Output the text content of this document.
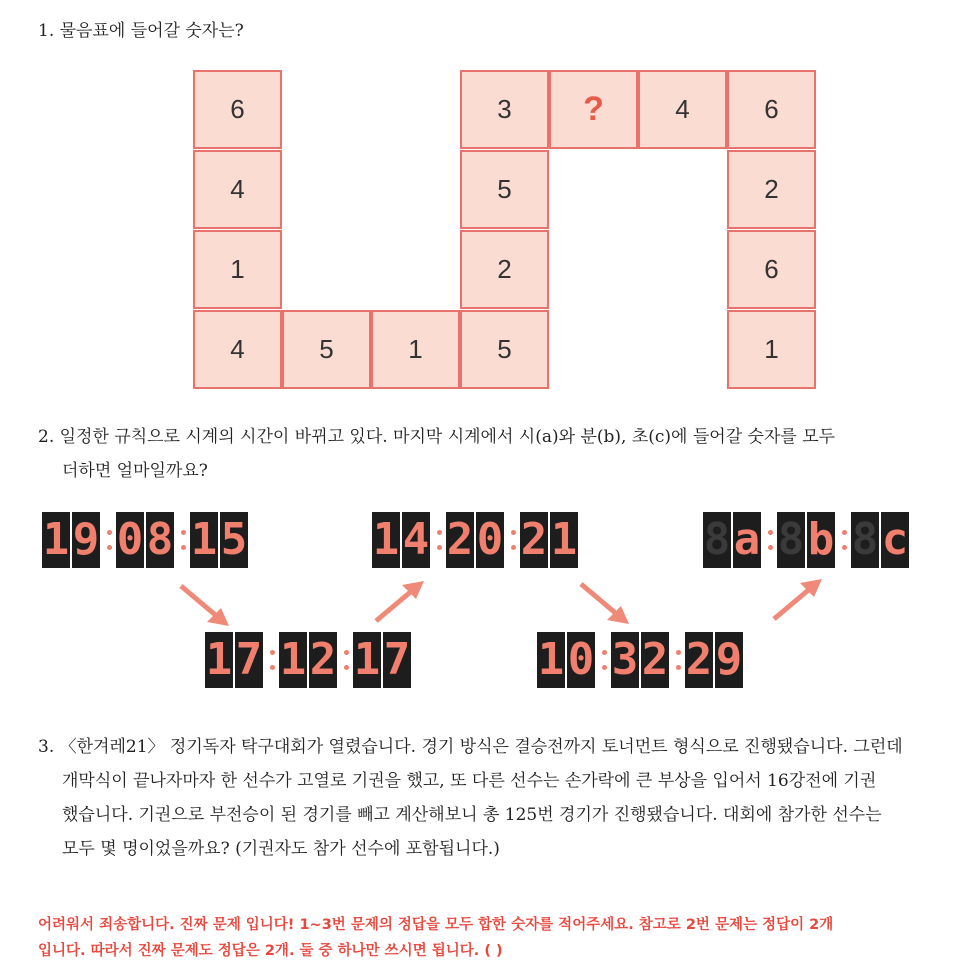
1. 물음표에 들어갈 숫자는?
6
4
1
4	5	1	5
2
5
3	?	4	6
2
6
1
2. 일정한 규칙으로 시계의 시간이 바뀌고 있다. 마지막 시계에서 시(a)와 분(b), 초(c)에 들어갈 숫자를 모두
더하면 얼마일까요?
1 9 0 8 1 5
1 7 1 2 1 7
1 4 2 0 2 1
1 0 3 2 2 9
8 a 8 b 8 c
3. 〈한겨레21〉 정기독자 탁구대회가 열렸습니다. 경기 방식은 결승전까지 토너먼트 형식으로 진행됐습니다. 그런데
개막식이 끝나자마자 한 선수가 고열로 기권을 했고, 또 다른 선수는 손가락에 큰 부상을 입어서 16강전에 기권
했습니다. 기권으로 부전승이 된 경기를 빼고 계산해보니 총 125번 경기가 진행됐습니다. 대회에 참가한 선수는
모두 몇 명이었을까요? (기권자도 참가 선수에 포함됩니다.)
어려워서 죄송합니다. 진짜 문제 입니다! 1~3번 문제의 정답을 모두 합한 숫자를 적어주세요. 참고로 2번 문제는 정답이 2개
입니다. 따라서 진짜 문제도 정답은 2개. 둘 중 하나만 쓰시면 됩니다. ( )
